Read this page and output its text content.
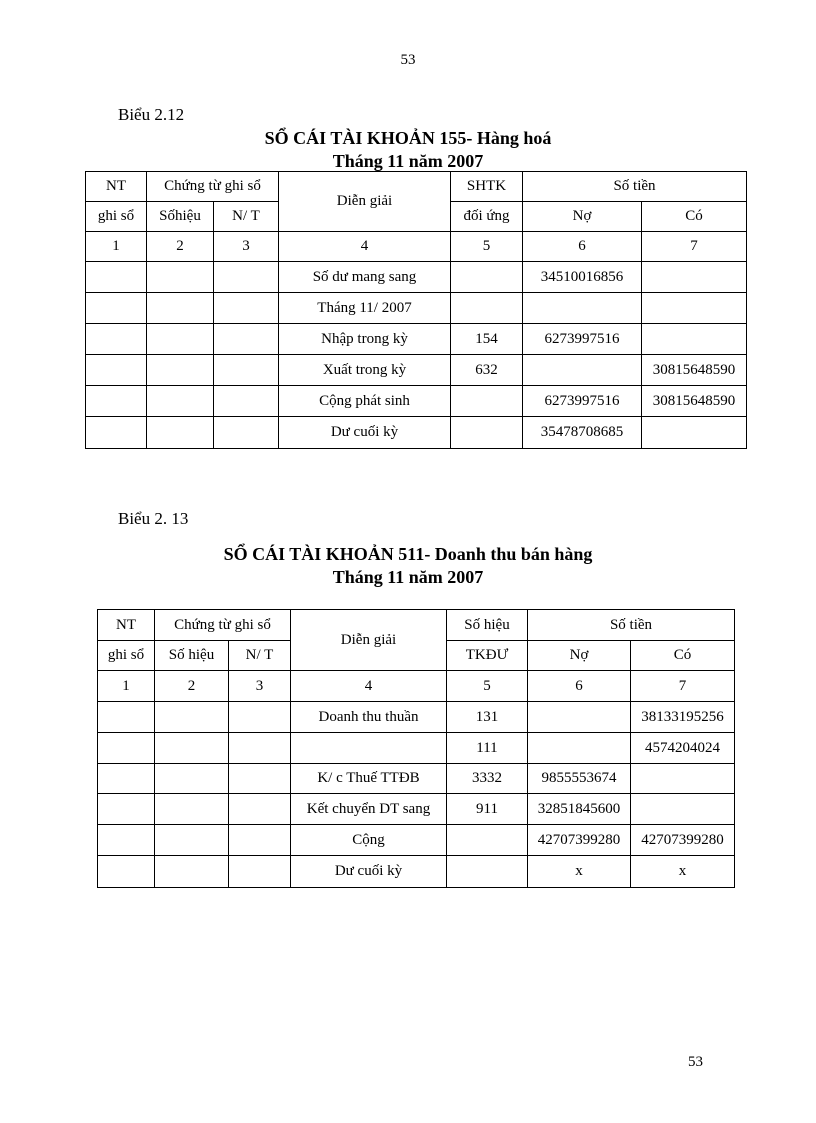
53
Biểu 2.12
SỔ CÁI TÀI KHOẢN 155- Hàng hoá
Tháng 11 năm 2007
NT	Chứng từ ghi sổ		Diễn giải	SHTK	Số tiền	
ghi sổ	Sốhiệu	N/ T		đối ứng	Nợ	Có
1	2	3	4	5	6	7
			Số dư mang sang		34510016856	
			Tháng 11/ 2007			
			Nhập trong kỳ	154	6273997516	
			Xuất trong kỳ	632		30815648590
			Cộng phát sinh		6273997516	30815648590
			Dư cuối kỳ		35478708685	
Biểu 2. 13
SỔ CÁI TÀI KHOẢN 511- Doanh thu bán hàng
Tháng 11 năm 2007
NT	Chứng từ ghi sổ		Diễn giải	Số hiệu	Số tiền	
ghi sổ	Số hiệu	N/ T		TKĐƯ	Nợ	Có
1	2	3	4	5	6	7
			Doanh thu thuần	131		38133195256
				111		4574204024
			K/ c Thuế TTĐB	3332	9855553674	
			Kết chuyển DT sang	911	32851845600	
			Cộng		42707399280	42707399280
			Dư cuối kỳ		x	x
53
